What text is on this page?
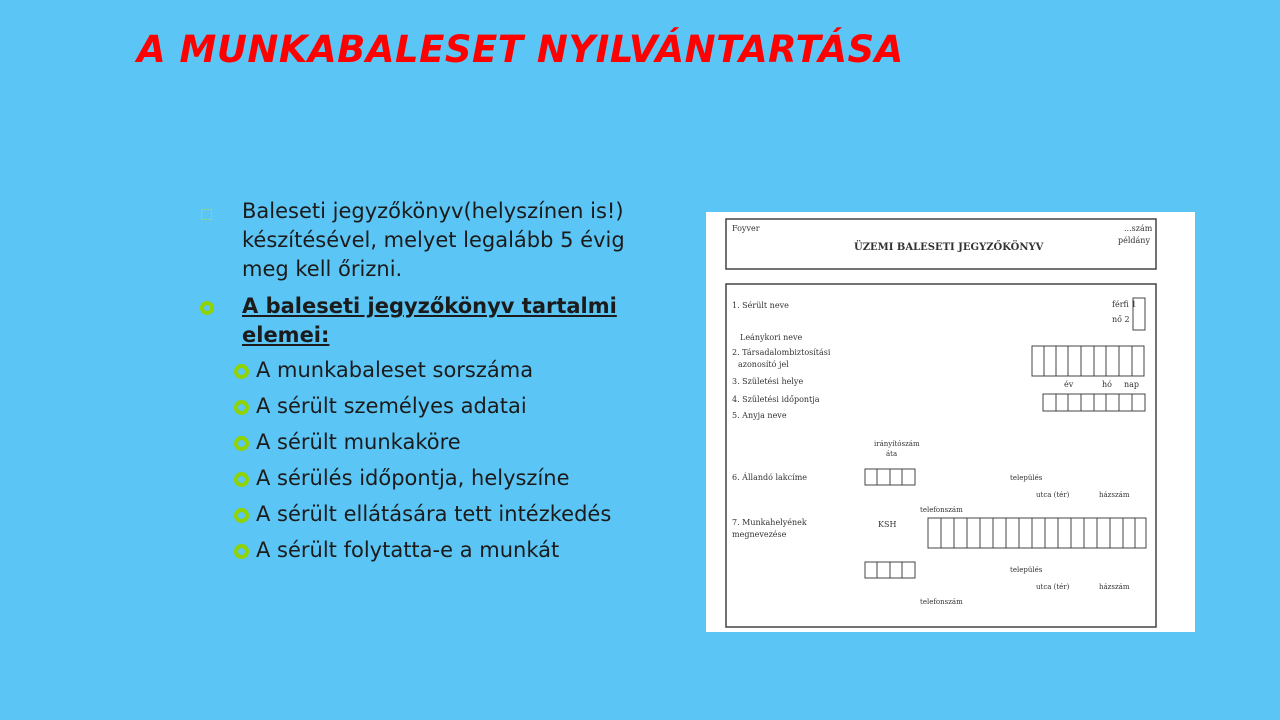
A MUNKABALESET NYILVÁNTARTÁSA
□	Baleseti jegyzőkönyv(helyszínen is!) készítésével, melyet legalább 5 évig meg kell őrizni.
A baleseti jegyzőkönyv tartalmi elemei:
A munkabaleset sorszáma
A sérült személyes adatai
A sérült munkaköre
A sérülés időpontja, helyszíne
A sérült ellátására tett intézkedés
A sérült folytatta-e a munkát
Foyver	...szám
példány
ÜZEMI BALESETI JEGYZŐKÖNYV
1. Sérült neve	férfi 1
nő 2
Leánykori neve
2. Társadalombiztosítási
azonosító jel
3. Születési helye	év	hó nap
4. Születési időpontja
5. Anyja neve
irányítószám
áta
6. Állandó lakcíme	település
utca (tér)	házszám
telefonszám
7. Munkahelyének
megnevezése
KSH
település
utca (tér)	házszám
telefonszám
